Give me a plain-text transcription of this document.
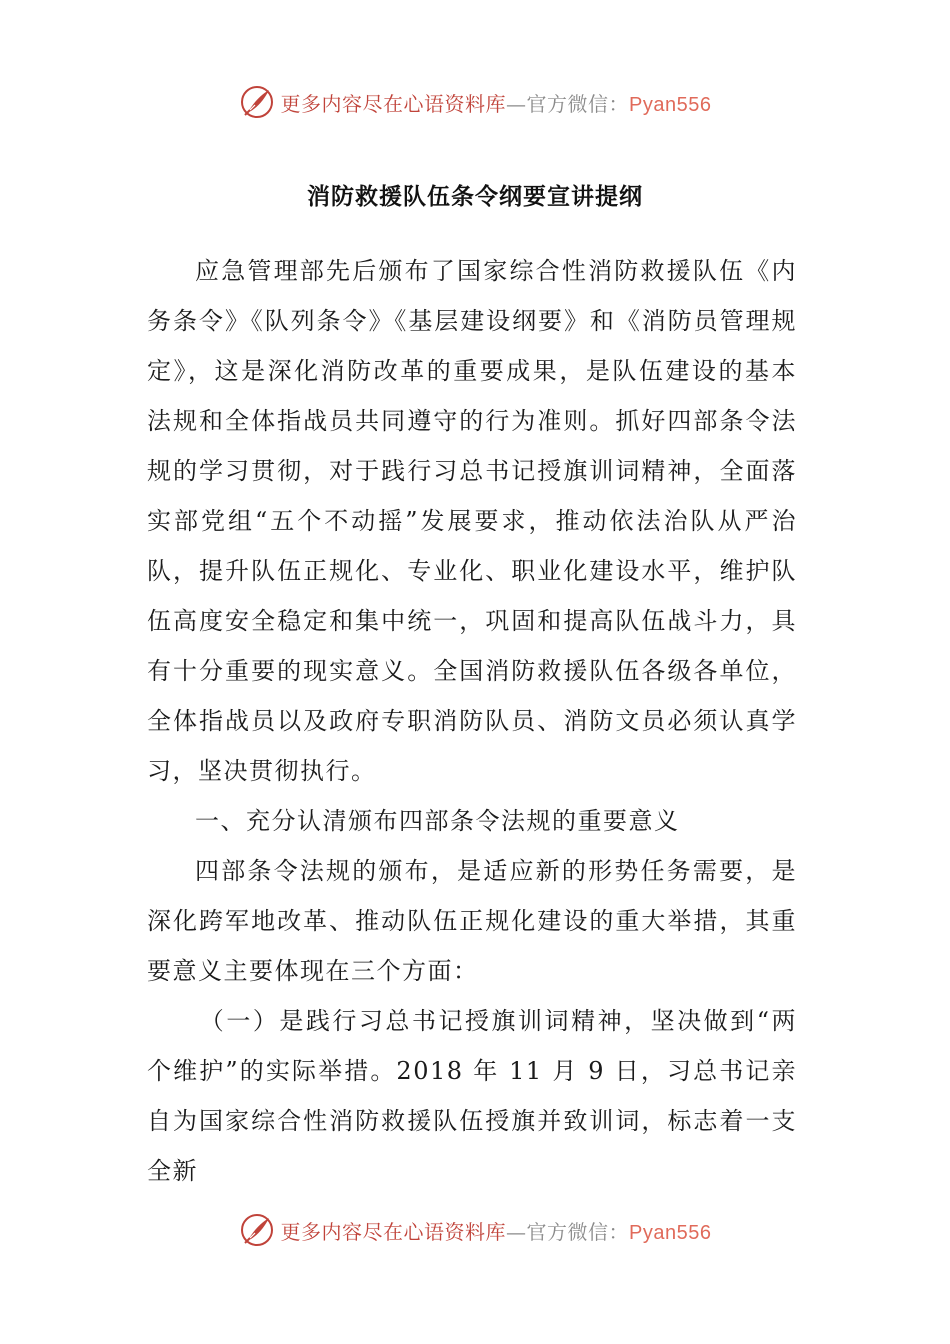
更多内容尽在心语资料库—官方微信：Pyan556
消防救援队伍条令纲要宣讲提纲

应急管理部先后颁布了国家综合性消防救援队伍《内务条令》《队列条令》《基层建设纲要》和《消防员管理规定》，这是深化消防改革的重要成果，是队伍建设的基本法规和全体指战员共同遵守的行为准则。抓好四部条令法规的学习贯彻，对于践行习总书记授旗训词精神，全面落实部党组“五个不动摇”发展要求，推动依法治队从严治队，提升队伍正规化、专业化、职业化建设水平，维护队伍高度安全稳定和集中统一，巩固和提高队伍战斗力，具有十分重要的现实意义。全国消防救援队伍各级各单位，全体指战员以及政府专职消防队员、消防文员必须认真学习，坚决贯彻执行。

一、充分认清颁布四部条令法规的重要意义

四部条令法规的颁布，是适应新的形势任务需要，是深化跨军地改革、推动队伍正规化建设的重大举措，其重要意义主要体现在三个方面：

（一）是践行习总书记授旗训词精神，坚决做到“两个维护”的实际举措。2018 年 11 月 9 日，习总书记亲自为国家综合性消防救援队伍授旗并致训词，标志着一支全新

更多内容尽在心语资料库—官方微信：Pyan556
